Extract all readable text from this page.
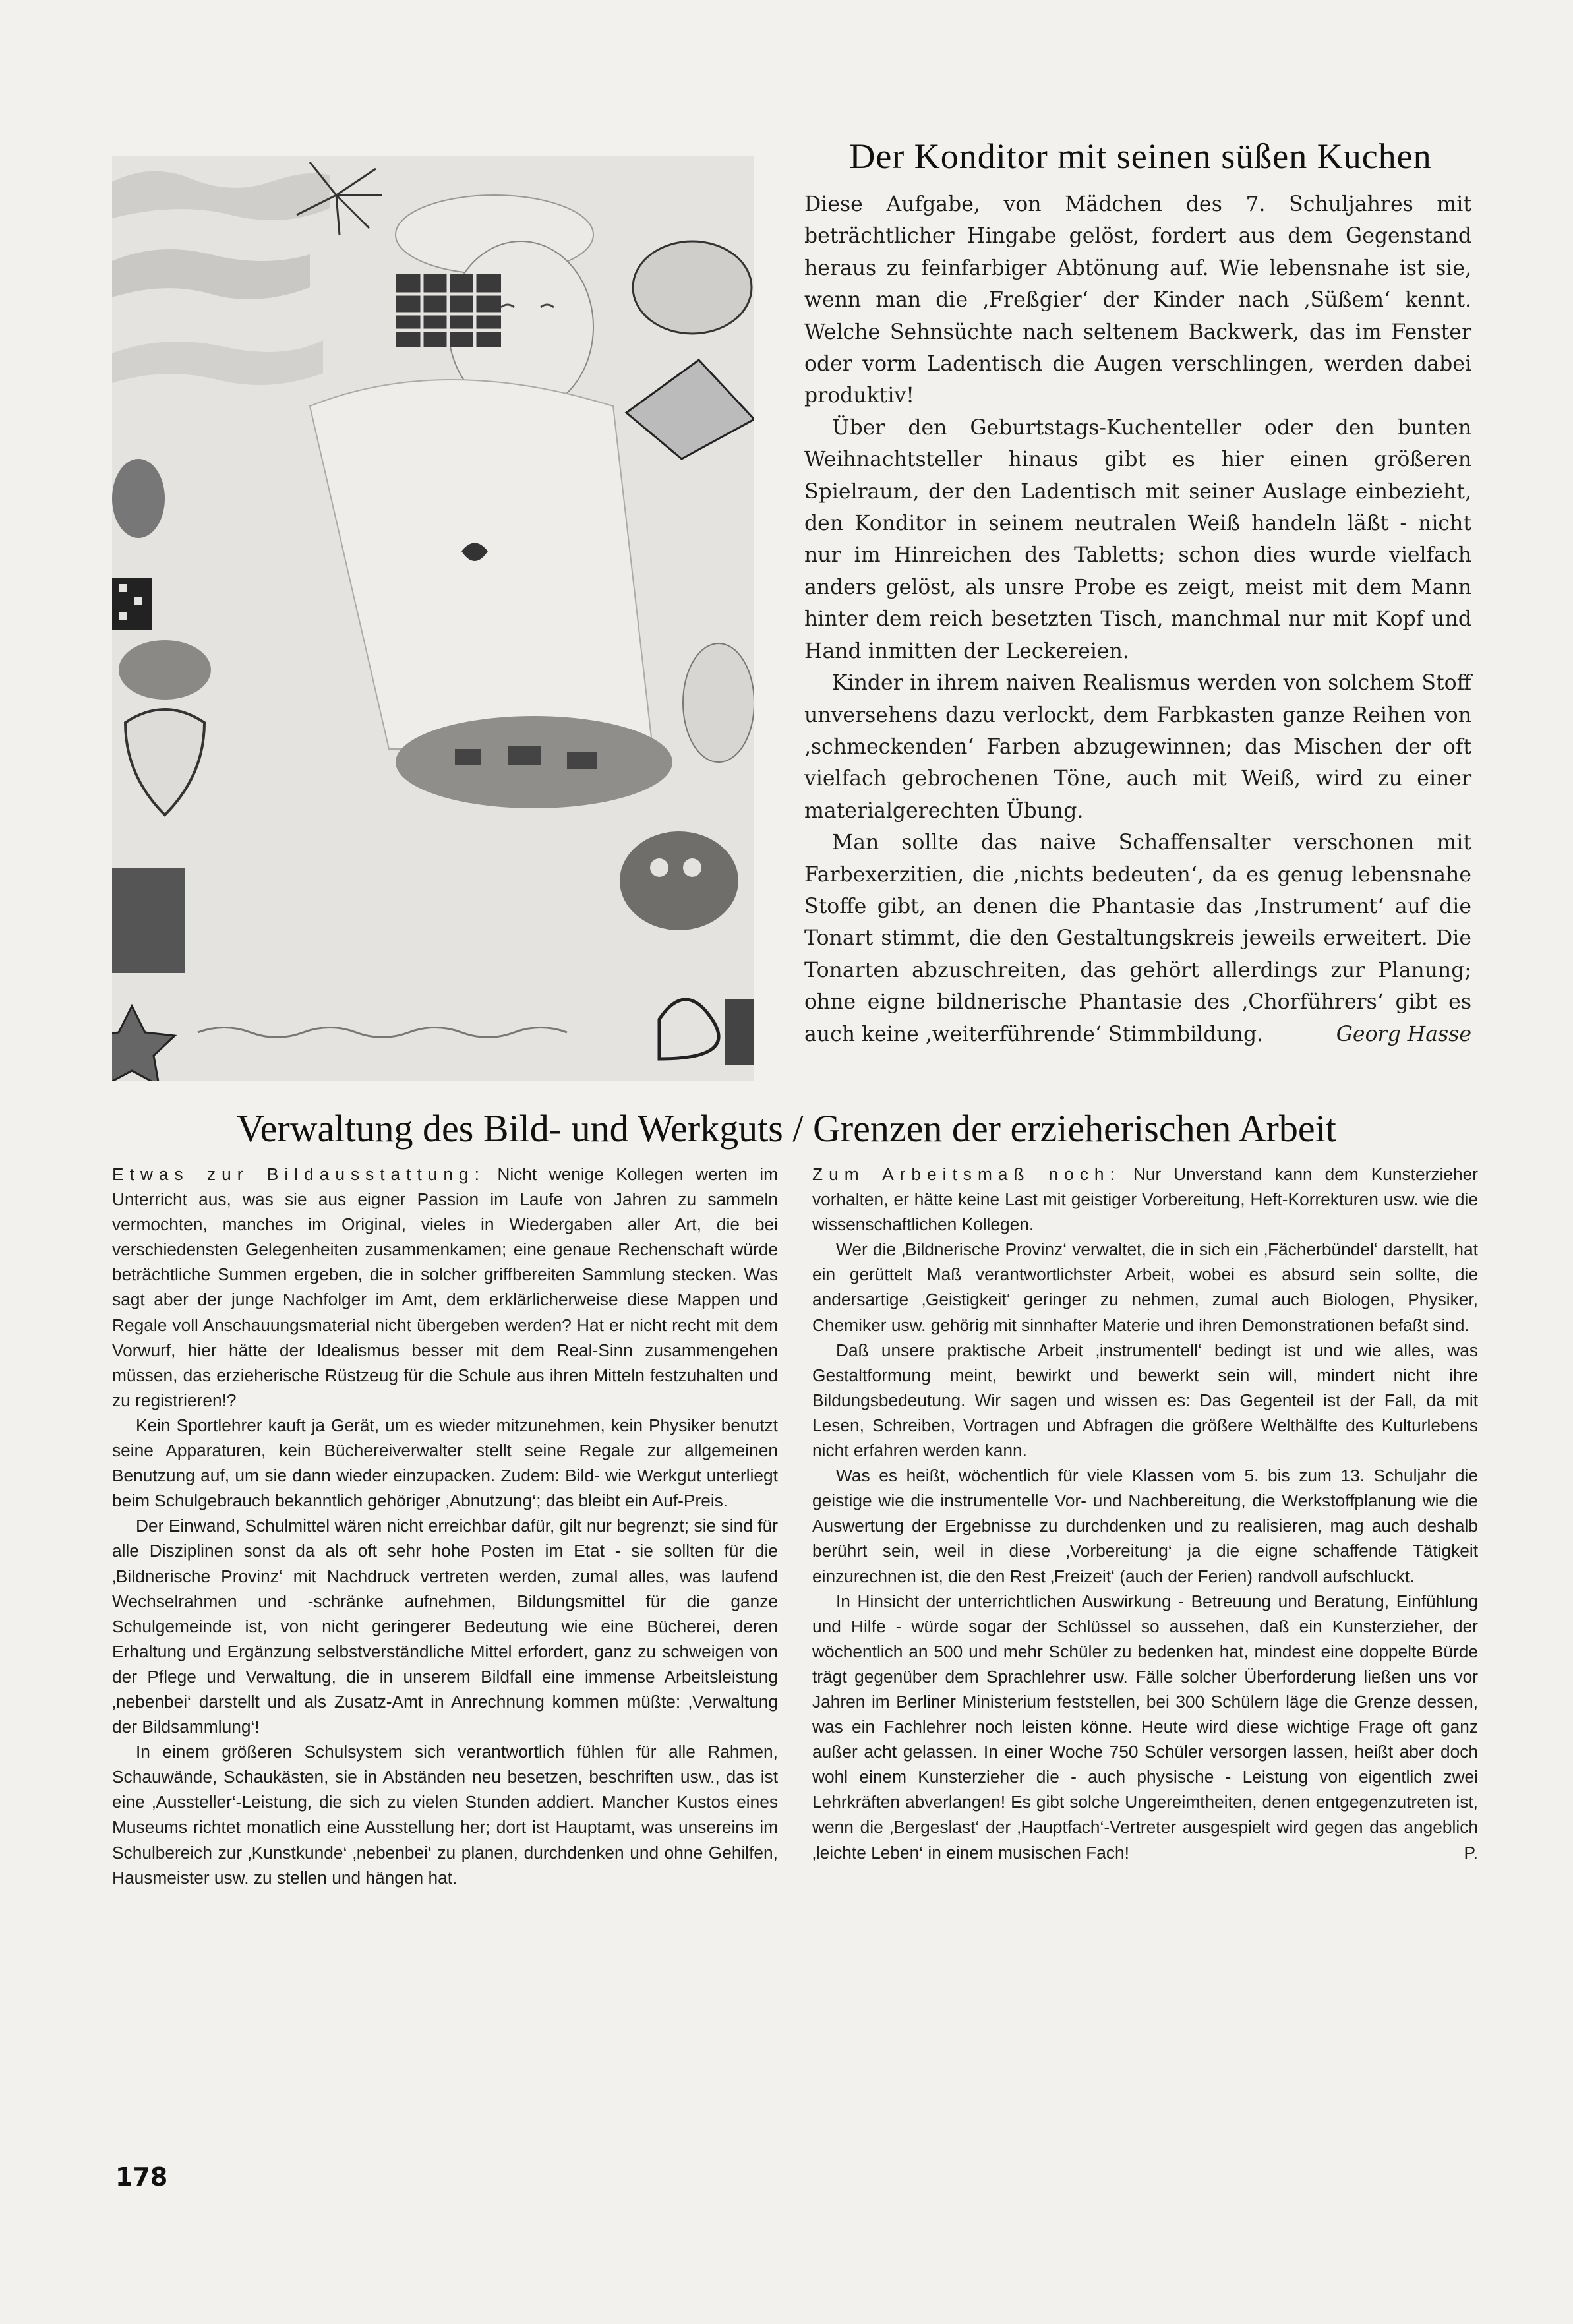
Der Konditor mit seinen süßen Kuchen

Diese Aufgabe, von Mädchen des 7. Schuljahres mit beträchtlicher Hingabe gelöst, fordert aus dem Gegenstand heraus zu feinfarbiger Abtönung auf. Wie lebensnahe ist sie, wenn man die ‚Freßgier‘ der Kinder nach ‚Süßem‘ kennt. Welche Sehnsüchte nach seltenem Backwerk, das im Fenster oder vorm Ladentisch die Augen verschlingen, werden dabei produktiv!

Über den Geburtstags-Kuchenteller oder den bunten Weihnachtsteller hinaus gibt es hier einen größeren Spielraum, der den Ladentisch mit seiner Auslage einbezieht, den Konditor in seinem neutralen Weiß handeln läßt - nicht nur im Hinreichen des Tabletts; schon dies wurde vielfach anders gelöst, als unsre Probe es zeigt, meist mit dem Mann hinter dem reich besetzten Tisch, manchmal nur mit Kopf und Hand inmitten der Leckereien.

Kinder in ihrem naiven Realismus werden von solchem Stoff unversehens dazu verlockt, dem Farbkasten ganze Reihen von ‚schmeckenden‘ Farben abzugewinnen; das Mischen der oft vielfach gebrochenen Töne, auch mit Weiß, wird zu einer materialgerechten Übung.

Man sollte das naive Schaffensalter verschonen mit Farbexerzitien, die ‚nichts bedeuten‘, da es genug lebensnahe Stoffe gibt, an denen die Phantasie das ‚Instrument‘ auf die Tonart stimmt, die den Gestaltungskreis jeweils erweitert. Die Tonarten abzuschreiten, das gehört allerdings zur Planung; ohne eigne bildnerische Phantasie des ‚Chorführers‘ gibt es auch keine ‚weiterführende‘ Stimmbildung.	Georg Hasse

Verwaltung des Bild- und Werkguts / Grenzen der erzieherischen Arbeit

Etwas zur Bildausstattung: Nicht wenige Kollegen werten im Unterricht aus, was sie aus eigner Passion im Laufe von Jahren zu sammeln vermochten, manches im Original, vieles in Wiedergaben aller Art, die bei verschiedensten Gelegenheiten zusammenkamen; eine genaue Rechenschaft würde beträchtliche Summen ergeben, die in solcher griffbereiten Sammlung stecken. Was sagt aber der junge Nachfolger im Amt, dem erklärlicherweise diese Mappen und Regale voll Anschauungsmaterial nicht übergeben werden? Hat er nicht recht mit dem Vorwurf, hier hätte der Idealismus besser mit dem Real-Sinn zusammengehen müssen, das erzieherische Rüstzeug für die Schule aus ihren Mitteln festzuhalten und zu registrieren!?

Kein Sportlehrer kauft ja Gerät, um es wieder mitzunehmen, kein Physiker benutzt seine Apparaturen, kein Büchereiverwalter stellt seine Regale zur allgemeinen Benutzung auf, um sie dann wieder einzupacken. Zudem: Bild- wie Werkgut unterliegt beim Schulgebrauch bekanntlich gehöriger ‚Abnutzung‘; das bleibt ein Auf-Preis.

Der Einwand, Schulmittel wären nicht erreichbar dafür, gilt nur begrenzt; sie sind für alle Disziplinen sonst da als oft sehr hohe Posten im Etat - sie sollten für die ‚Bildnerische Provinz‘ mit Nachdruck vertreten werden, zumal alles, was laufend Wechselrahmen und -schränke aufnehmen, Bildungsmittel für die ganze Schulgemeinde ist, von nicht geringerer Bedeutung wie eine Bücherei, deren Erhaltung und Ergänzung selbstverständliche Mittel erfordert, ganz zu schweigen von der Pflege und Verwaltung, die in unserem Bildfall eine immense Arbeitsleistung ‚nebenbei‘ darstellt und als Zusatz-Amt in Anrechnung kommen müßte: ‚Verwaltung der Bildsammlung‘!

In einem größeren Schulsystem sich verantwortlich fühlen für alle Rahmen, Schauwände, Schaukästen, sie in Abständen neu besetzen, beschriften usw., das ist eine ‚Aussteller‘-Leistung, die sich zu vielen Stunden addiert. Mancher Kustos eines Museums richtet monatlich eine Ausstellung her; dort ist Hauptamt, was unsereins im Schulbereich zur ‚Kunstkunde‘ ‚nebenbei‘ zu planen, durchdenken und ohne Gehilfen, Hausmeister usw. zu stellen und hängen hat.

Zum Arbeitsmaß noch: Nur Unverstand kann dem Kunsterzieher vorhalten, er hätte keine Last mit geistiger Vorbereitung, Heft-Korrekturen usw. wie die wissenschaftlichen Kollegen.

Wer die ‚Bildnerische Provinz‘ verwaltet, die in sich ein ‚Fächerbündel‘ darstellt, hat ein gerüttelt Maß verantwortlichster Arbeit, wobei es absurd sein sollte, die andersartige ‚Geistigkeit‘ geringer zu nehmen, zumal auch Biologen, Physiker, Chemiker usw. gehörig mit sinnhafter Materie und ihren Demonstrationen befaßt sind.

Daß unsere praktische Arbeit ‚instrumentell‘ bedingt ist und wie alles, was Gestaltformung meint, bewirkt und bewerkt sein will, mindert nicht ihre Bildungsbedeutung. Wir sagen und wissen es: Das Gegenteil ist der Fall, da mit Lesen, Schreiben, Vortragen und Abfragen die größere Welthälfte des Kulturlebens nicht erfahren werden kann.

Was es heißt, wöchentlich für viele Klassen vom 5. bis zum 13. Schuljahr die geistige wie die instrumentelle Vor- und Nachbereitung, die Werkstoffplanung wie die Auswertung der Ergebnisse zu durchdenken und zu realisieren, mag auch deshalb berührt sein, weil in diese ‚Vorbereitung‘ ja die eigne schaffende Tätigkeit einzurechnen ist, die den Rest ‚Freizeit‘ (auch der Ferien) randvoll aufschluckt.

In Hinsicht der unterrichtlichen Auswirkung - Betreuung und Beratung, Einfühlung und Hilfe - würde sogar der Schlüssel so aussehen, daß ein Kunsterzieher, der wöchentlich an 500 und mehr Schüler zu bedenken hat, mindest eine doppelte Bürde trägt gegenüber dem Sprachlehrer usw. Fälle solcher Überforderung ließen uns vor Jahren im Berliner Ministerium feststellen, bei 300 Schülern läge die Grenze dessen, was ein Fachlehrer noch leisten könne. Heute wird diese wichtige Frage oft ganz außer acht gelassen. In einer Woche 750 Schüler versorgen lassen, heißt aber doch wohl einem Kunsterzieher die - auch physische - Leistung von eigentlich zwei Lehrkräften abverlangen! Es gibt solche Ungereimtheiten, denen entgegenzutreten ist, wenn die ‚Bergeslast‘ der ‚Hauptfach‘-Vertreter ausgespielt wird gegen das angeblich ‚leichte Leben‘ in einem musischen Fach!	P.

178
